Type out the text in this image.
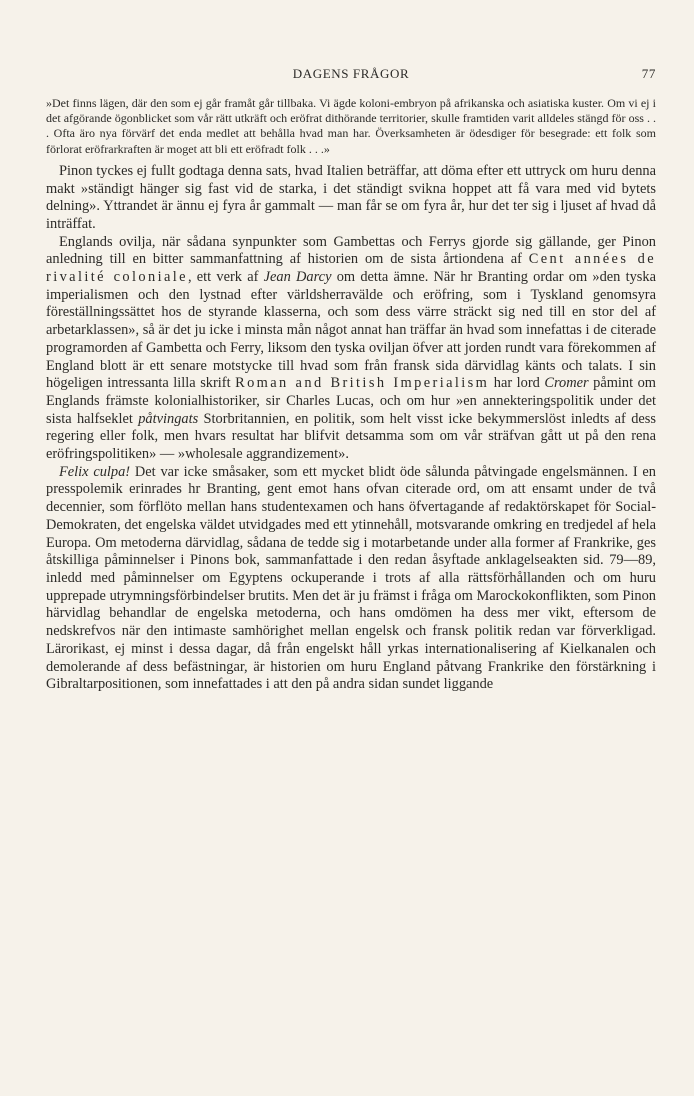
DAGENS FRÅGOR	77

»Det finns lägen, där den som ej går framåt går tillbaka. Vi ägde koloni-embryon på afrikanska och asiatiska kuster. Om vi ej i det afgörande ögonblicket som vår rätt utkräft och eröfrat dithörande territorier, skulle framtiden varit alldeles stängd för oss . . . Ofta äro nya förvärf det enda medlet att behålla hvad man har. Överksamheten är ödesdiger för besegrade: ett folk som förlorat eröfrarkraften är moget att bli ett eröfradt folk . . .»

Pinon tyckes ej fullt godtaga denna sats, hvad Italien beträffar, att döma efter ett uttryck om huru denna makt »ständigt hänger sig fast vid de starka, i det ständigt svikna hoppet att få vara med vid bytets delning». Yttrandet är ännu ej fyra år gammalt — man får se om fyra år, hur det ter sig i ljuset af hvad då inträffat.

Englands ovilja, när sådana synpunkter som Gambettas och Ferrys gjorde sig gällande, ger Pinon anledning till en bitter sammanfattning af historien om de sista årtiondena af Cent années de rivalité coloniale, ett verk af Jean Darcy om detta ämne. När hr Branting ordar om »den tyska imperialismen och den lystnad efter världsherravälde och eröfring, som i Tyskland genomsyra föreställningssättet hos de styrande klasserna, och som dess värre sträckt sig ned till en stor del af arbetarklassen», så är det ju icke i minsta mån något annat han träffar än hvad som innefattas i de citerade programorden af Gambetta och Ferry, liksom den tyska oviljan öfver att jorden rundt vara förekommen af England blott är ett senare motstycke till hvad som från fransk sida därvidlag känts och talats. I sin högeligen intressanta lilla skrift Roman and British Imperialism har lord Cromer påmint om Englands främste kolonialhistoriker, sir Charles Lucas, och om hur »en annekteringspolitik under det sista halfseklet påtvingats Storbritannien, en politik, som helt visst icke bekymmerslöst inledts af dess regering eller folk, men hvars resultat har blifvit detsamma som om vår sträfvan gått ut på den rena eröfringspolitiken» — »wholesale aggrandizement».

Felix culpa! Det var icke småsaker, som ett mycket blidt öde sålunda påtvingade engelsmännen. I en presspolemik erinrades hr Branting, gent emot hans ofvan citerade ord, om att ensamt under de två decennier, som förflöto mellan hans studentexamen och hans öfvertagande af redaktörskapet för Social-Demokraten, det engelska väldet utvidgades med ett ytinnehåll, motsvarande omkring en tredjedel af hela Europa. Om metoderna därvidlag, sådana de tedde sig i motarbetande under alla former af Frankrike, ges åtskilliga påminnelser i Pinons bok, sammanfattade i den redan åsyftade anklagelseakten sid. 79—89, inledd med påminnelser om Egyptens ockuperande i trots af alla rättsförhållanden och om huru upprepade utrymningsförbindelser brutits. Men det är ju främst i fråga om Marockokonflikten, som Pinon härvidlag behandlar de engelska metoderna, och hans omdömen ha dess mer vikt, eftersom de nedskrefvos när den intimaste samhörighet mellan engelsk och fransk politik redan var förverkligad. Lärorikast, ej minst i dessa dagar, då från engelskt håll yrkas internationalisering af Kielkanalen och demolerande af dess befästningar, är historien om huru England påtvang Frankrike den förstärkning i Gibraltarpositionen, som innefattades i att den på andra sidan sundet liggande
